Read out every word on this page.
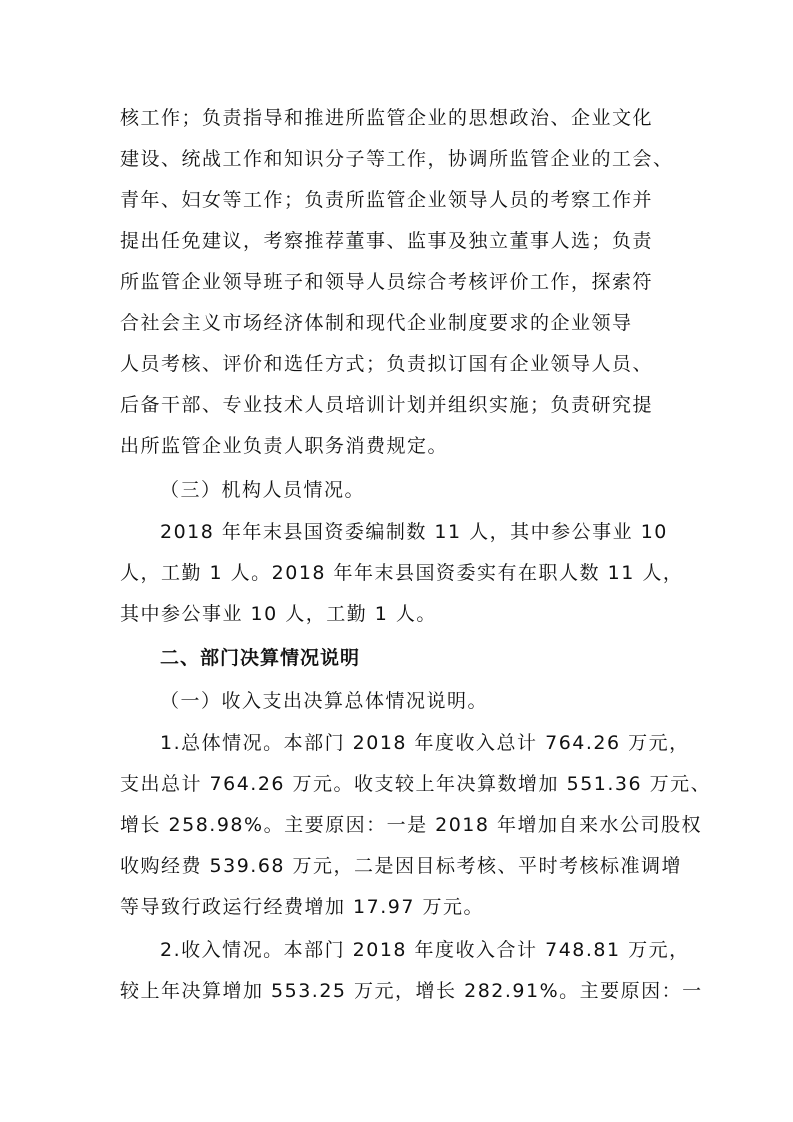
核工作；负责指导和推进所监管企业的思想政治、企业文化
建设、统战工作和知识分子等工作，协调所监管企业的工会、
青年、妇女等工作；负责所监管企业领导人员的考察工作并
提出任免建议，考察推荐董事、监事及独立董事人选；负责
所监管企业领导班子和领导人员综合考核评价工作，探索符
合社会主义市场经济体制和现代企业制度要求的企业领导
人员考核、评价和选任方式；负责拟订国有企业领导人员、
后备干部、专业技术人员培训计划并组织实施；负责研究提
出所监管企业负责人职务消费规定。
（三）机构人员情况。
2018 年年末县国资委编制数 11 人，其中参公事业 10
人，工勤 1 人。2018 年年末县国资委实有在职人数 11 人，
其中参公事业 10 人，工勤 1 人。
二、部门决算情况说明
（一）收入支出决算总体情况说明。
1.总体情况。本部门 2018 年度收入总计 764.26 万元，
支出总计 764.26 万元。收支较上年决算数增加 551.36 万元、
增长 258.98%。主要原因：一是 2018 年增加自来水公司股权
收购经费 539.68 万元，二是因目标考核、平时考核标准调增
等导致行政运行经费增加 17.97 万元。
2.收入情况。本部门 2018 年度收入合计 748.81 万元，
较上年决算增加 553.25 万元，增长 282.91%。主要原因：一
